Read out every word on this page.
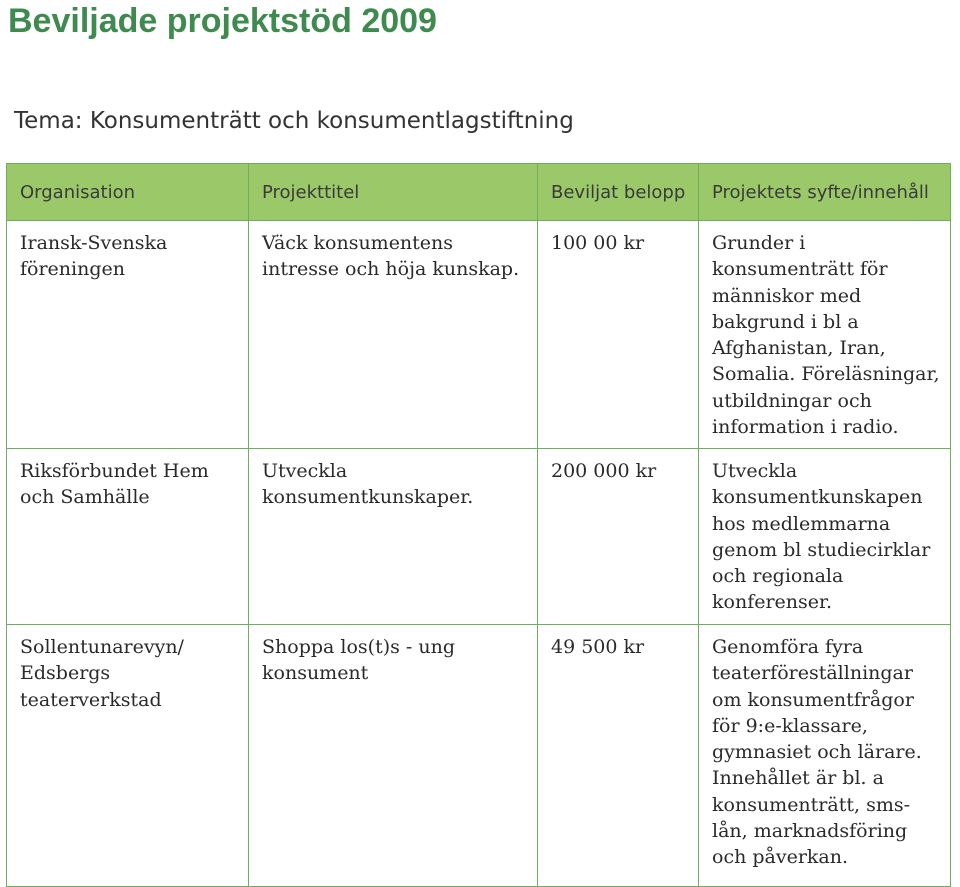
Beviljade projektstöd 2009
Tema: Konsumenträtt och konsumentlagstiftning
Organisation	Projekttitel	Beviljat belopp	Projektets syfte/innehåll
Iransk-Svenska föreningen	Väck konsumentens intresse och höja kunskap.	100 00 kr	Grunder i konsumenträtt för människor med bakgrund i bl a Afghanistan, Iran, Somalia. Föreläsningar, utbildningar och information i radio.
Riksförbundet Hem och Samhälle	Utveckla konsumentkunskaper.	200 000 kr	Utveckla konsumentkunskapen hos medlemmarna genom bl studiecirklar och regionala konferenser.
Sollentunarevyn/ Edsbergs teaterverkstad	Shoppa los(t)s - ung konsument	49 500 kr	Genomföra fyra teaterföreställningar om konsumentfrågor för 9:e-klassare, gymnasiet och lärare. Innehållet är bl. a konsumenträtt, sms-lån, marknadsföring och påverkan.
